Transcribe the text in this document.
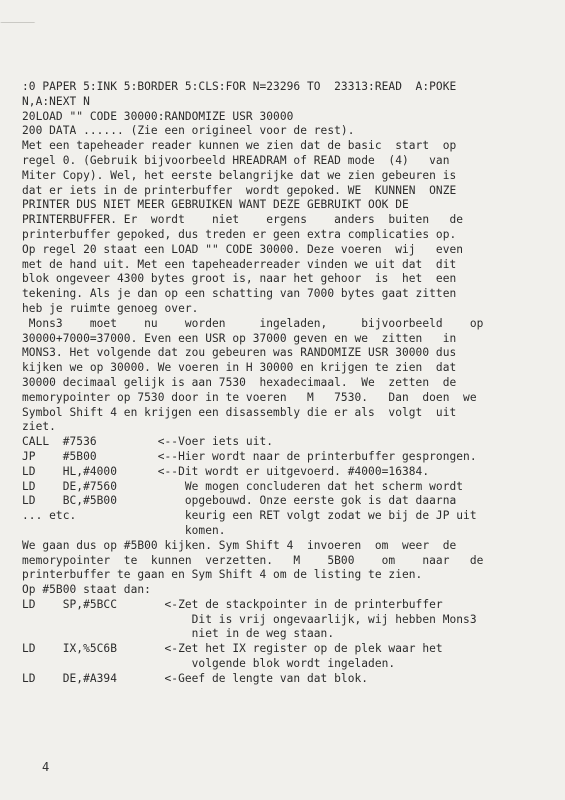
:0 PAPER 5:INK 5:BORDER 5:CLS:FOR N=23296 TO  23313:READ  A:POKE
N,A:NEXT N
20LOAD "" CODE 30000:RANDOMIZE USR 30000
200 DATA ...... (Zie een origineel voor de rest).
Met een tapeheader reader kunnen we zien dat de basic  start  op
regel 0. (Gebruik bijvoorbeeld HREADRAM of READ mode  (4)   van
Miter Copy). Wel, het eerste belangrijke dat we zien gebeuren is
dat er iets in de printerbuffer  wordt gepoked. WE  KUNNEN  ONZE
PRINTER DUS NIET MEER GEBRUIKEN WANT DEZE GEBRUIKT OOK DE
PRINTERBUFFER. Er  wordt    niet    ergens    anders  buiten   de
printerbuffer gepoked, dus treden er geen extra complicaties op.
Op regel 20 staat een LOAD "" CODE 30000. Deze voeren  wij   even
met de hand uit. Met een tapeheaderreader vinden we uit dat  dit
blok ongeveer 4300 bytes groot is, naar het gehoor  is  het  een
tekening. Als je dan op een schatting van 7000 bytes gaat zitten
heb je ruimte genoeg over.
Mons3    moet    nu    worden     ingeladen,     bijvoorbeeld    op
30000+7000=37000. Even een USR op 37000 geven en we  zitten   in
MONS3. Het volgende dat zou gebeuren was RANDOMIZE USR 30000 dus
kijken we op 30000. We voeren in H 30000 en krijgen te zien  dat
30000 decimaal gelijk is aan 7530  hexadecimaal.  We  zetten  de
memorypointer op 7530 door in te voeren   M   7530.   Dan  doen  we
Symbol Shift 4 en krijgen een disassembly die er als  volgt  uit
ziet.
CALL  #7536         <--Voer iets uit.
JP    #5B00         <--Hier wordt naar de printerbuffer gesprongen.
LD    HL,#4000      <--Dit wordt er uitgevoerd. #4000=16384.
LD    DE,#7560          We mogen concluderen dat het scherm wordt
LD    BC,#5B00          opgebouwd. Onze eerste gok is dat daarna
... etc.                keurig een RET volgt zodat we bij de JP uit
komen.
We gaan dus op #5B00 kijken. Sym Shift 4  invoeren  om  weer  de
memorypointer  te  kunnen  verzetten.   M    5B00    om    naar   de
printerbuffer te gaan en Sym Shift 4 om de listing te zien.
Op #5B00 staat dan:
LD    SP,#5BCC       <-Zet de stackpointer in de printerbuffer
Dit is vrij ongevaarlijk, wij hebben Mons3
niet in de weg staan.
LD    IX,%5C6B       <-Zet het IX register op de plek waar het
volgende blok wordt ingeladen.
LD    DE,#A394       <-Geef de lengte van dat blok.
4
